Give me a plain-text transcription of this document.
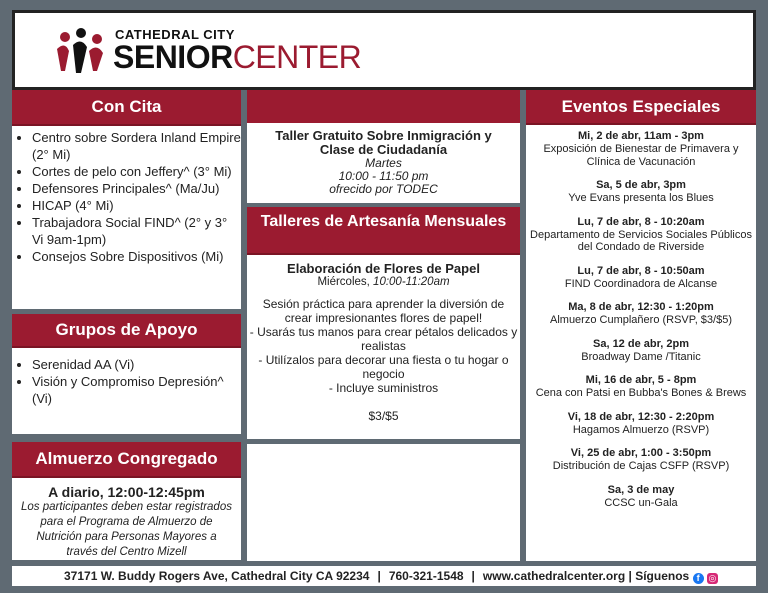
CATHEDRAL CITY
SENIORCENTER
Con Cita
• Centro sobre Sordera Inland Empire (2° Mi)
• Cortes de pelo con Jeffery^ (3° Mi)
• Defensores Principales^ (Ma/Ju)
• HICAP (4° Mi)
• Trabajadora Social FIND^ (2° y 3° Vi 9am-1pm)
• Consejos Sobre Dispositivos (Mi)
Grupos de Apoyo
• Serenidad AA (Vi)
• Visión y Compromiso Depresión^ (Vi)
Almuerzo Congregado
A diario, 12:00-12:45pm
Los participantes deben estar registrados para el Programa de Almuerzo de Nutrición para Personas Mayores a través del Centro Mizell
Taller Gratuito Sobre Inmigración y Clase de Ciudadanía
Martes
10:00 - 11:50 pm
ofrecido por TODEC
Talleres de Artesanía Mensuales
Elaboración de Flores de Papel
Miércoles, 10:00-11:20am
Sesión práctica para aprender la diversión de crear impresionantes flores de papel!
- Usarás tus manos para crear pétalos delicados y realistas
- Utilízalos para decorar una fiesta o tu hogar o negocio
- Incluye suministros
$3/$5
Eventos Especiales
Mi, 2 de abr, 11am - 3pm
Exposición de Bienestar de Primavera y Clínica de Vacunación
Sa, 5 de abr, 3pm
Yve Evans presenta los Blues
Lu, 7 de abr, 8 - 10:20am
Departamento de Servicios Sociales Públicos del Condado de Riverside
Lu, 7 de abr, 8 - 10:50am
FIND Coordinadora de Alcanse
Ma, 8 de abr, 12:30 - 1:20pm
Almuerzo Cumplañero (RSVP, $3/$5)
Sa, 12 de abr, 2pm
Broadway Dame /Titanic
Mi, 16 de abr, 5 - 8pm
Cena con Patsi en Bubba's Bones & Brews
Vi, 18 de abr, 12:30 - 2:20pm
Hagamos Almuerzo (RSVP)
Vi, 25 de abr, 1:00 - 3:50pm
Distribución de Cajas CSFP (RSVP)
Sa, 3 de may
CCSC un-Gala
37171 W. Buddy Rogers Ave, Cathedral City CA 92234 | 760-321-1548 | www.cathedralcenter.org | Síguenos f ◎
